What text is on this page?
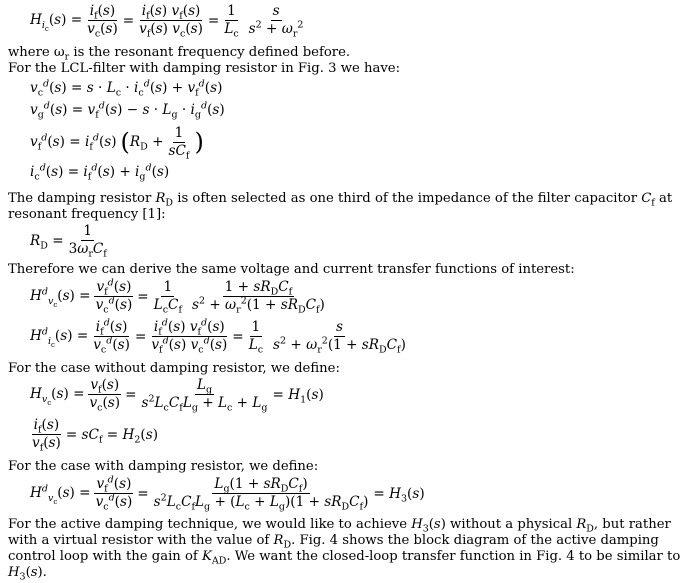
$H_{i_c}(s) = \frac{i_f(s)}{v_c(s)} = \frac{i_f(s) v_f(s)}{v_f(s) v_c(s)} = \frac{1}{L_c} \frac{s}{s^2 + \omega_r^2}$
where $\omega_r$ is the resonant frequency defined before.
For the LCL-filter with damping resistor in Fig. 3 we have:
$v_c^d(s) = s \cdot L_c \cdot i_c^d(s) + v_f^d(s)$
$v_g^d(s) = v_f^d(s) - s \cdot L_g \cdot i_g^d(s)$
$v_f^d(s) = i_f^d(s)$ ( $R_D + \frac{1}{sC_f}$ )
$i_c^d(s) = i_f^d(s) + i_g^d(s)$
The damping resistor $R_D$ is often selected as one third of the impedance of the filter capacitor $C_f$ at
resonant frequency [1]:
$R_D = \frac{1}{3\omega_rC_f}$
Therefore we can derive the same voltage and current transfer functions of interest:
$H^d_{v_c}(s) = \frac{v_f^d(s)}{v_c^d(s)} = \frac{1}{L_cC_f} \frac{1 + sR_DC_f}{s^2 + \omega_r^2(1 + sR_DC_f)}$
$H^d_{i_c}(s) = \frac{i_f^d(s)}{v_c^d(s)} = \frac{i_f^d(s) v_f^d(s)}{v_f^d(s) v_c^d(s)} = \frac{1}{L_c} \frac{s}{s^2 + \omega_r^2(1 + sR_DC_f)}$
For the case without damping resistor, we define:
$H_{v_c}(s) = \frac{v_f(s)}{v_c(s)} = \frac{L_g}{s^2L_cC_fL_g + L_c + L_g} = H_1(s)$
$\frac{i_f(s)}{v_f(s)} = sC_f = H_2(s)$
For the case with damping resistor, we define:
$H^d_{v_c}(s) = \frac{v_f^d(s)}{v_c^d(s)} = \frac{L_g(1 + sR_DC_f)}{s^2L_cC_fL_g + (L_c + L_g)(1 + sR_DC_f)} = H_3(s)$
For the active damping technique, we would like to achieve $H_3(s)$ without a physical $R_D$, but rather
with a virtual resistor with the value of $R_D$. Fig. 4 shows the block diagram of the active damping
control loop with the gain of $K_{AD}$. We want the closed-loop transfer function in Fig. 4 to be similar to
$H_3(s)$.
